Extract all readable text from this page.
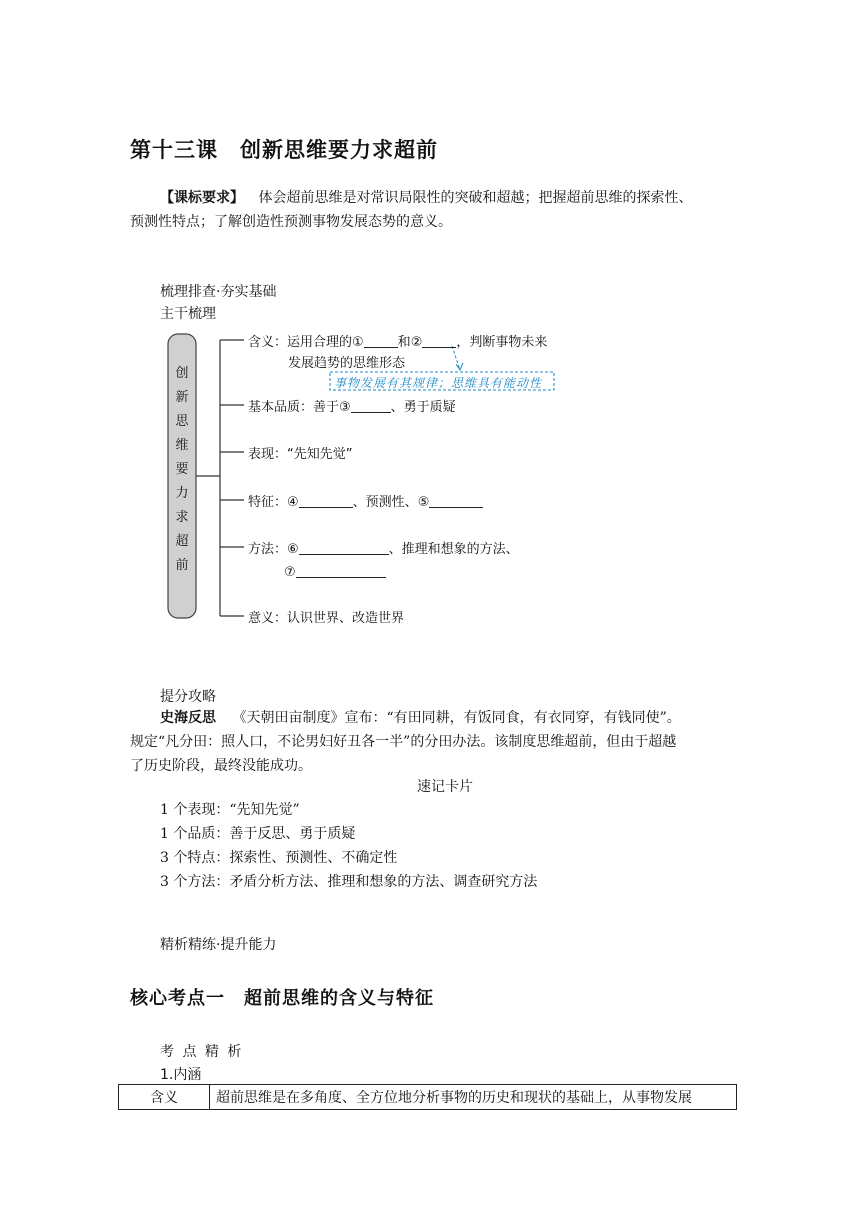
第十三课　创新思维要力求超前
【课标要求】 体会超前思维是对常识局限性的突破和超越；把握超前思维的探索性、
预测性特点；了解创造性预测事物发展态势的意义。
梳理排查·夯实基础
主干梳理
创
新
思
维
要
力
求
超
前
含义：运用合理的①	和②	，判断事物未来
发展趋势的思维形态
事物发展有其规律；思维具有能动性
基本品质：善于③	、勇于质疑
表现：“先知先觉”
特征：④	、预测性、⑤
方法：⑥	、推理和想象的方法、
⑦
意义：认识世界、改造世界
提分攻略
史海反思 《天朝田亩制度》宣布：“有田同耕，有饭同食，有衣同穿，有钱同使”。
规定“凡分田：照人口，不论男妇好丑各一半”的分田办法。该制度思维超前，但由于超越
了历史阶段，最终没能成功。
速记卡片
1 个表现：“先知先觉”
1 个品质：善于反思、勇于质疑
3 个特点：探索性、预测性、不确定性
3 个方法：矛盾分析方法、推理和想象的方法、调查研究方法
精析精练·提升能力
核心考点一　超前思维的含义与特征
考 点 精 析
1.内涵
含义	超前思维是在多角度、全方位地分析事物的历史和现状的基础上，从事物发展
